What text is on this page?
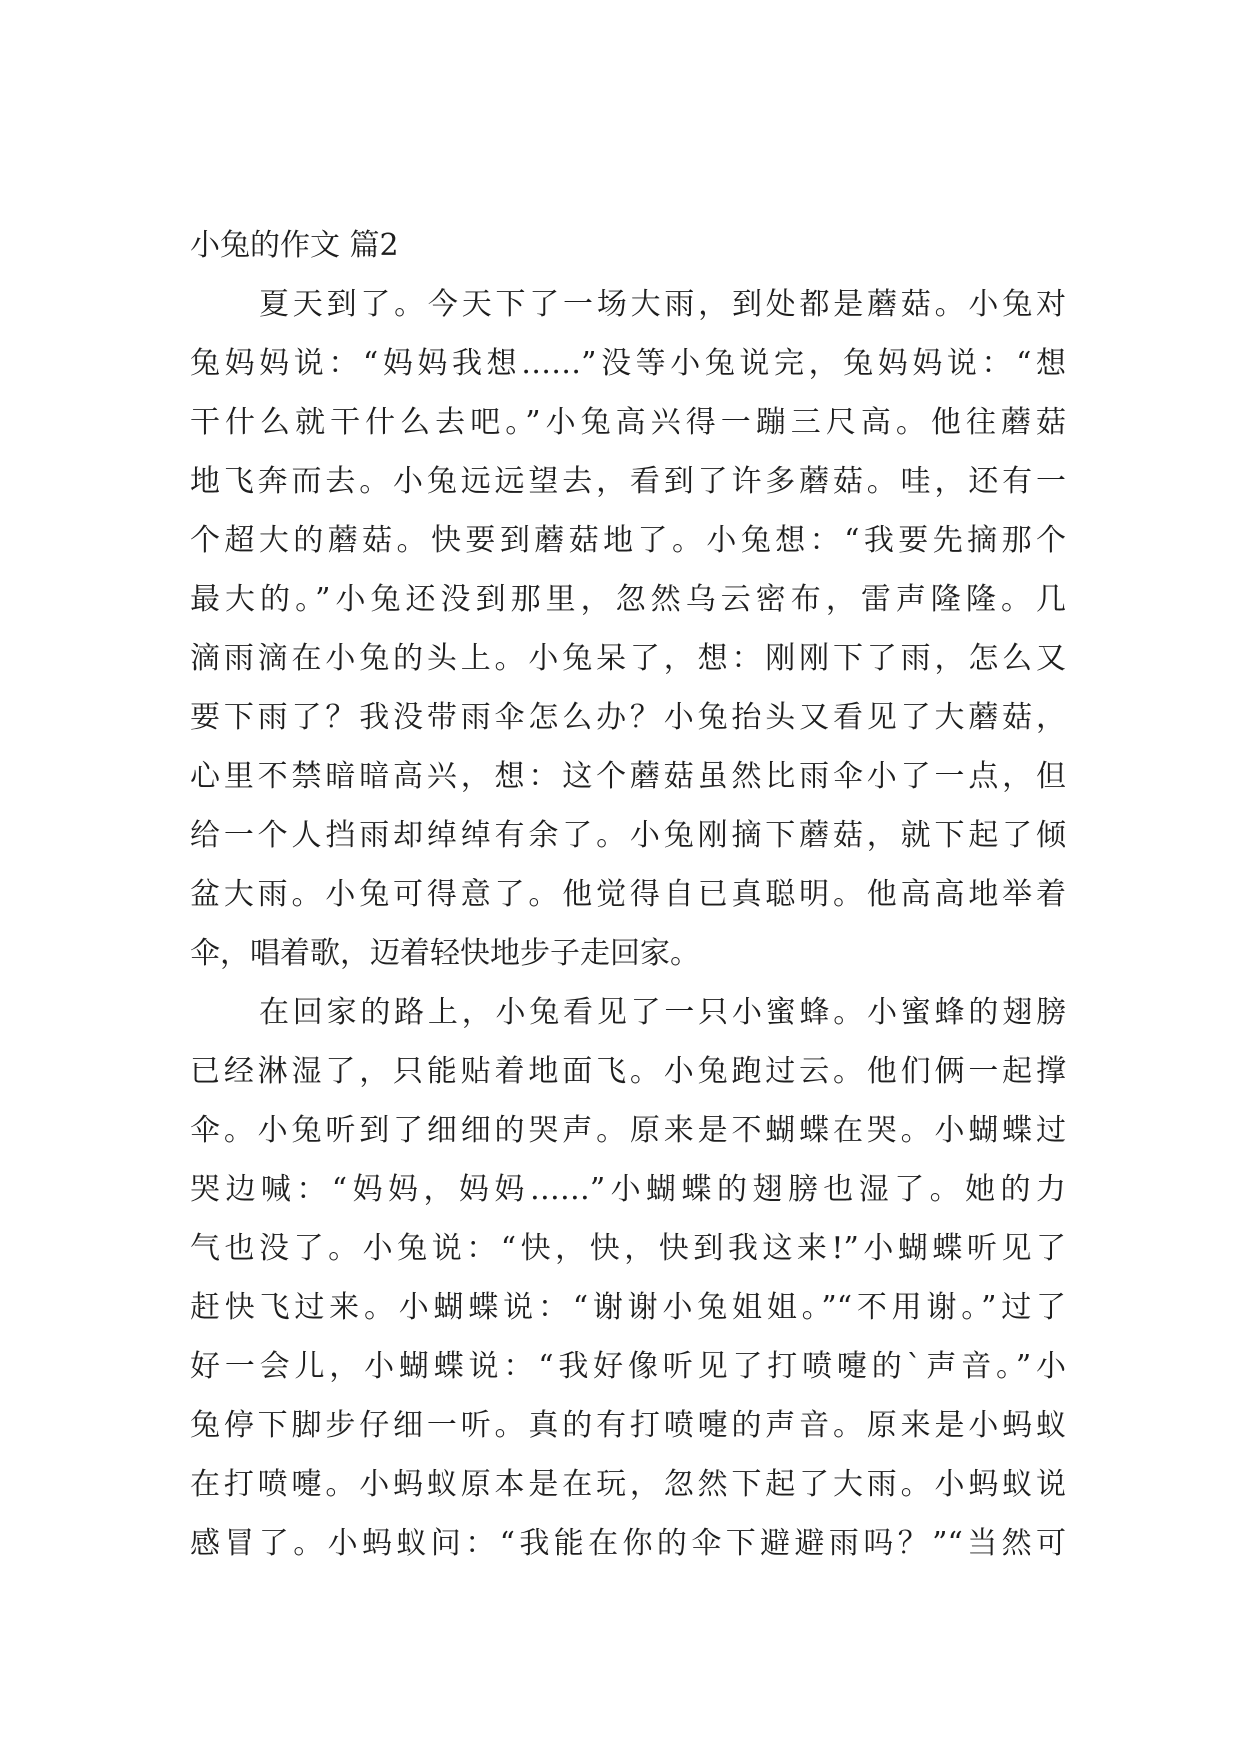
小兔的作文 篇2
夏天到了。今天下了一场大雨，到处都是蘑菇。小兔对
兔妈妈说：“妈妈我想……”没等小兔说完，兔妈妈说：“想
干什么就干什么去吧。”小兔高兴得一蹦三尺高。他往蘑菇
地飞奔而去。小兔远远望去，看到了许多蘑菇。哇，还有一
个超大的蘑菇。快要到蘑菇地了。小兔想：“我要先摘那个
最大的。”小兔还没到那里，忽然乌云密布，雷声隆隆。几
滴雨滴在小兔的头上。小兔呆了，想：刚刚下了雨，怎么又
要下雨了？我没带雨伞怎么办？小兔抬头又看见了大蘑菇，
心里不禁暗暗高兴，想：这个蘑菇虽然比雨伞小了一点，但
给一个人挡雨却绰绰有余了。小兔刚摘下蘑菇，就下起了倾
盆大雨。小兔可得意了。他觉得自已真聪明。他高高地举着
伞，唱着歌，迈着轻快地步子走回家。
在回家的路上，小兔看见了一只小蜜蜂。小蜜蜂的翅膀
已经淋湿了，只能贴着地面飞。小兔跑过云。他们俩一起撑
伞。小兔听到了细细的哭声。原来是不蝴蝶在哭。小蝴蝶过
哭边喊：“妈妈，妈妈……”小蝴蝶的翅膀也湿了。她的力
气也没了。小兔说：“快，快，快到我这来!”小蝴蝶听见了
赶快飞过来。小蝴蝶说：“谢谢小兔姐姐。”“不用谢。”过了
好一会儿，小蝴蝶说：“我好像听见了打喷嚏的`声音。”小
兔停下脚步仔细一听。真的有打喷嚏的声音。原来是小蚂蚁
在打喷嚏。小蚂蚁原本是在玩，忽然下起了大雨。小蚂蚁说
感冒了。小蚂蚁问：“我能在你的伞下避避雨吗？”“当然可
